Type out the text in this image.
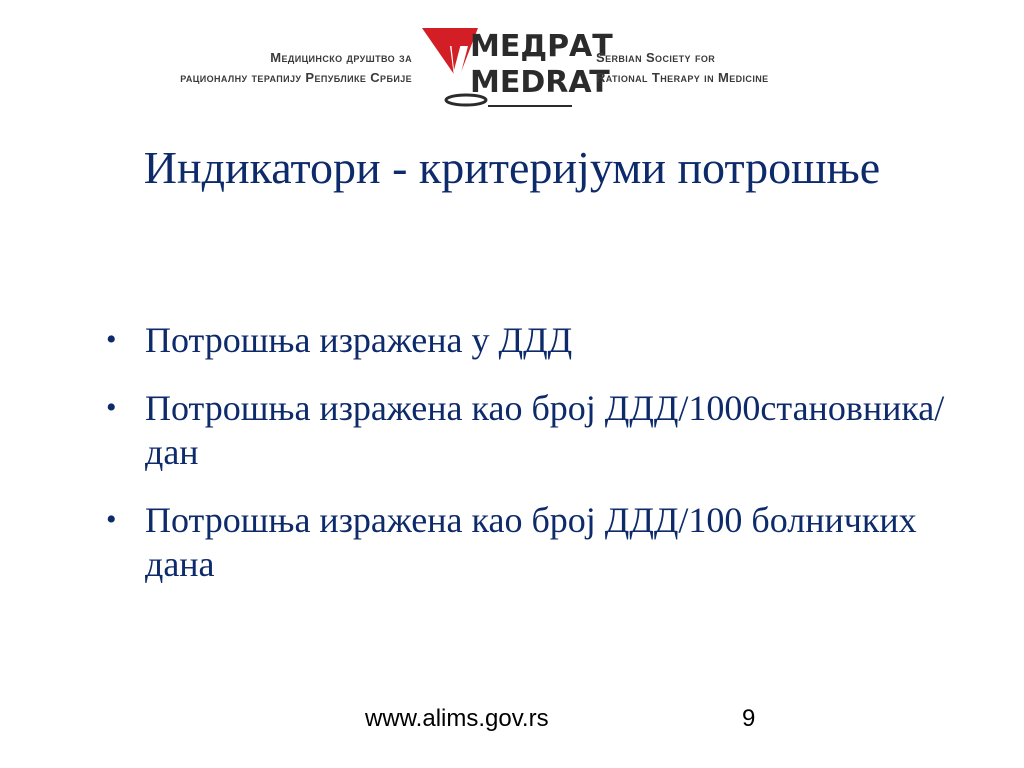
Медицинско друштво за
рационалну терапију Републике Србије
МЕДРАТ
MEDRAT
Serbian Society for
Rational Therapy in Medicine
Индикатори - критеријуми потрошње
• Потрошња изражена у ДДД
• Потрошња изражена као број ДДД/1000становника/дан
• Потрошња изражена као број ДДД/100 болничких дана
www.alims.gov.rs	9
